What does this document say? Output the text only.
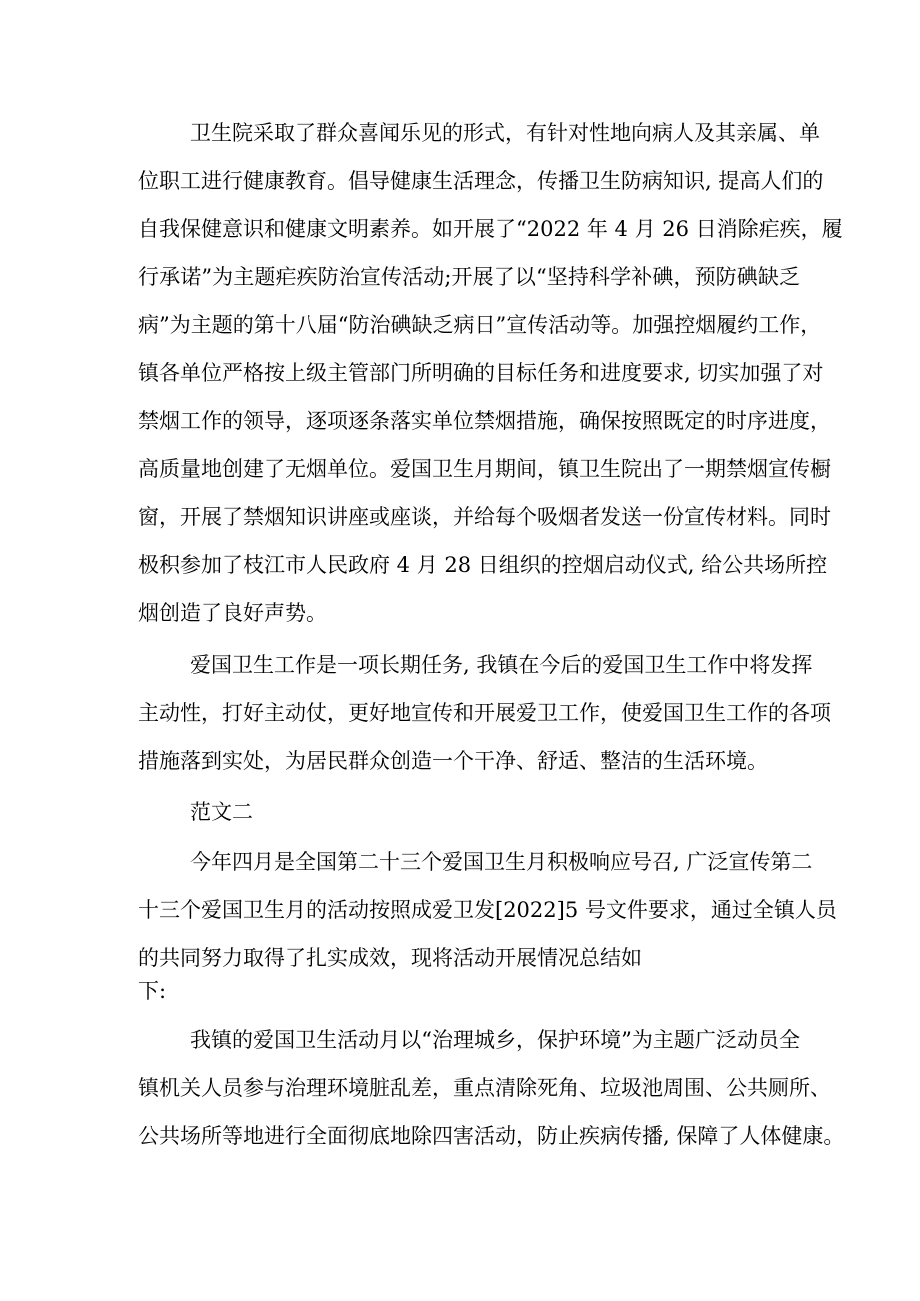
卫生院采取了群众喜闻乐见的形式，有针对性地向病人及其亲属、单
位职工进行健康教育。倡导健康生活理念，传播卫生防病知识, 提高人们的
自我保健意识和健康文明素养。如开展了“2022 年 4 月 26 日消除疟疾，履
行承诺”为主题疟疾防治宣传活动;开展了以“坚持科学补碘，预防碘缺乏
病”为主题的第十八届“防治碘缺乏病日”宣传活动等。加强控烟履约工作，
镇各单位严格按上级主管部门所明确的目标任务和进度要求, 切实加强了对
禁烟工作的领导，逐项逐条落实单位禁烟措施，确保按照既定的时序进度，
高质量地创建了无烟单位。爱国卫生月期间，镇卫生院出了一期禁烟宣传橱
窗，开展了禁烟知识讲座或座谈，并给每个吸烟者发送一份宣传材料。同时
极积参加了枝江市人民政府 4 月 28 日组织的控烟启动仪式, 给公共场所控
烟创造了良好声势。
爱国卫生工作是一项长期任务, 我镇在今后的爱国卫生工作中将发挥
主动性，打好主动仗，更好地宣传和开展爱卫工作，使爱国卫生工作的各项
措施落到实处，为居民群众创造一个干净、舒适、整洁的生活环境。
范文二
今年四月是全国第二十三个爱国卫生月积极响应号召, 广泛宣传第二
十三个爱国卫生月的活动按照成爱卫发[2022]5 号文件要求，通过全镇人员
的共同努力取得了扎实成效，现将活动开展情况总结如
下:
我镇的爱国卫生活动月以“治理城乡，保护环境”为主题广泛动员全
镇机关人员参与治理环境脏乱差，重点清除死角、垃圾池周围、公共厕所、
公共场所等地进行全面彻底地除四害活动，防止疾病传播, 保障了人体健康。
